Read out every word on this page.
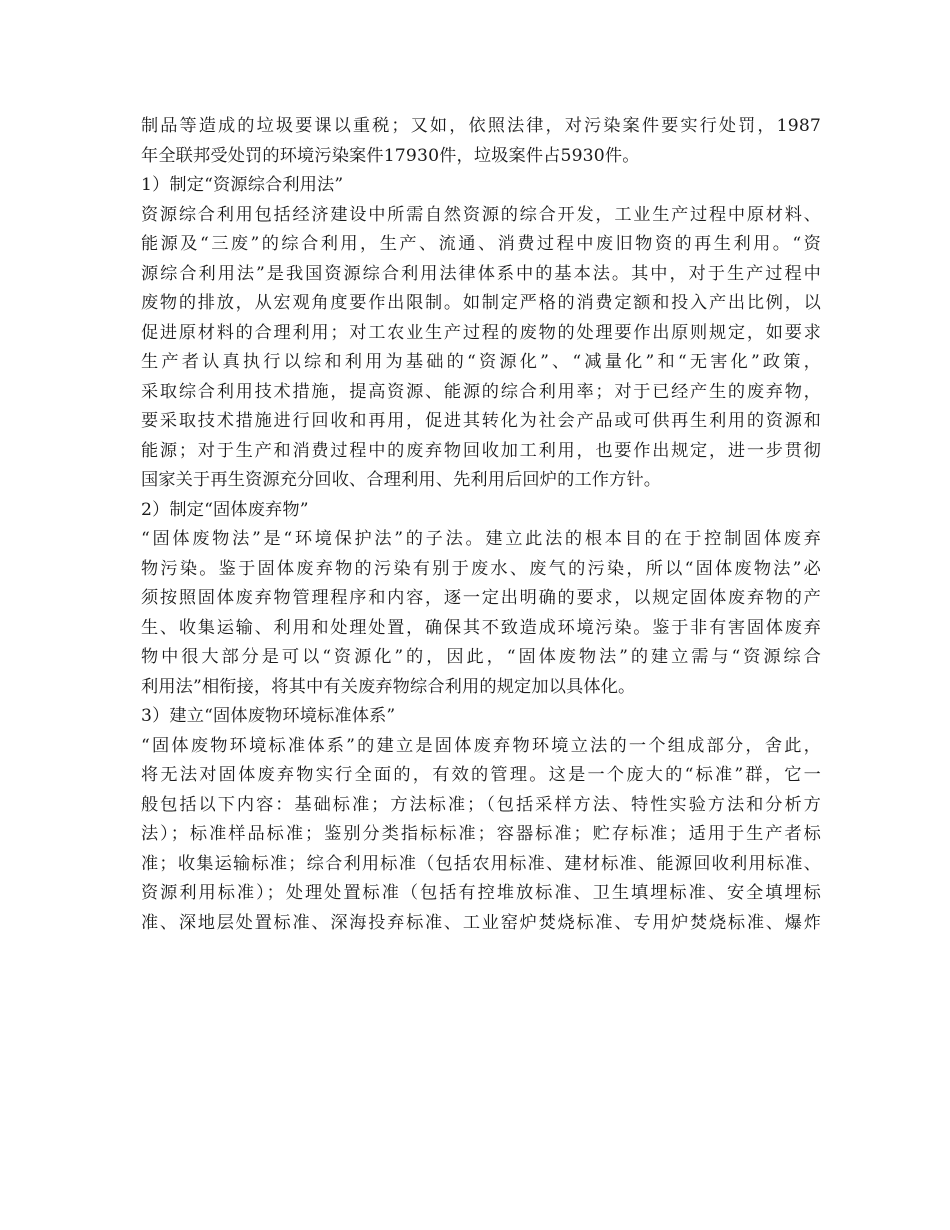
制品等造成的垃圾要课以重税；又如，依照法律，对污染案件要实行处罚，1987
年全联邦受处罚的环境污染案件17930件，垃圾案件占5930件。
1）制定“资源综合利用法”
资源综合利用包括经济建设中所需自然资源的综合开发，工业生产过程中原材料、
能源及“三废”的综合利用，生产、流通、消费过程中废旧物资的再生利用。“资
源综合利用法”是我国资源综合利用法律体系中的基本法。其中，对于生产过程中
废物的排放，从宏观角度要作出限制。如制定严格的消费定额和投入产出比例，以
促进原材料的合理利用；对工农业生产过程的废物的处理要作出原则规定，如要求
生产者认真执行以综和利用为基础的“资源化”、“减量化”和“无害化”政策，
采取综合利用技术措施，提高资源、能源的综合利用率；对于已经产生的废弃物，
要采取技术措施进行回收和再用，促进其转化为社会产品或可供再生利用的资源和
能源；对于生产和消费过程中的废弃物回收加工利用，也要作出规定，进一步贯彻
国家关于再生资源充分回收、合理利用、先利用后回炉的工作方针。
2）制定“固体废弃物”
“固体废物法”是“环境保护法”的子法。建立此法的根本目的在于控制固体废弃
物污染。鉴于固体废弃物的污染有别于废水、废气的污染，所以“固体废物法”必
须按照固体废弃物管理程序和内容，逐一定出明确的要求，以规定固体废弃物的产
生、收集运输、利用和处理处置，确保其不致造成环境污染。鉴于非有害固体废弃
物中很大部分是可以“资源化”的，因此，“固体废物法”的建立需与“资源综合
利用法”相衔接，将其中有关废弃物综合利用的规定加以具体化。
3）建立“固体废物环境标准体系”
“固体废物环境标准体系”的建立是固体废弃物环境立法的一个组成部分，舍此，
将无法对固体废弃物实行全面的，有效的管理。这是一个庞大的“标准”群，它一
般包括以下内容：基础标准；方法标准；（包括采样方法、特性实验方法和分析方
法）；标准样品标准；鉴别分类指标标准；容器标准；贮存标准；适用于生产者标
准；收集运输标准；综合利用标准（包括农用标准、建材标准、能源回收利用标准、
资源利用标准）；处理处置标准（包括有控堆放标准、卫生填埋标准、安全填埋标
准、深地层处置标准、深海投弃标准、工业窑炉焚烧标准、专用炉焚烧标准、爆炸
